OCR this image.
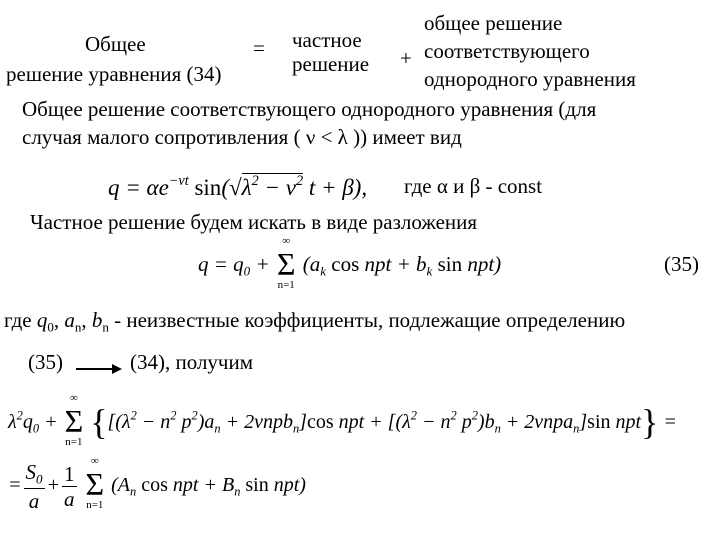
Общее
решение уравнения (34)
= частное
решение +
общее решение
соответствующего
однородного уравнения
Общее решение соответствующего однородного уравнения (для
случая малого сопротивления ( ν < λ )) имеет вид
$q = \alpha e^{-\nu t}$ $\sin(√\lambda^2 - \nu^2$ t + β), где α и β - const
Частное решение будем искать в виде разложения
$q = q_0 + \Sigma$
∞
n=1
($a_k$ cos npt + $b_k$ sin npt)	(35)
где $q_0$, $a_n$, $b_n$ - неизвестные коэффициенты, подлежащие определению
(35)	(34), получим
$\lambda^2q_0 + \Sigma$
∞
n=1 {[($\lambda^2 - n^2$ $p^2)a_n + 2\nu npb_n]\cos$ npt + [($\lambda^2 - n^2$ $p^2)b_n + 2\nu npa_n]\sin$ npt} =
= $\frac{S_0}{a} + \frac{1}{a}$ Σ
∞
n=1
($A_n$ cos npt + $B_n$ sin npt)
